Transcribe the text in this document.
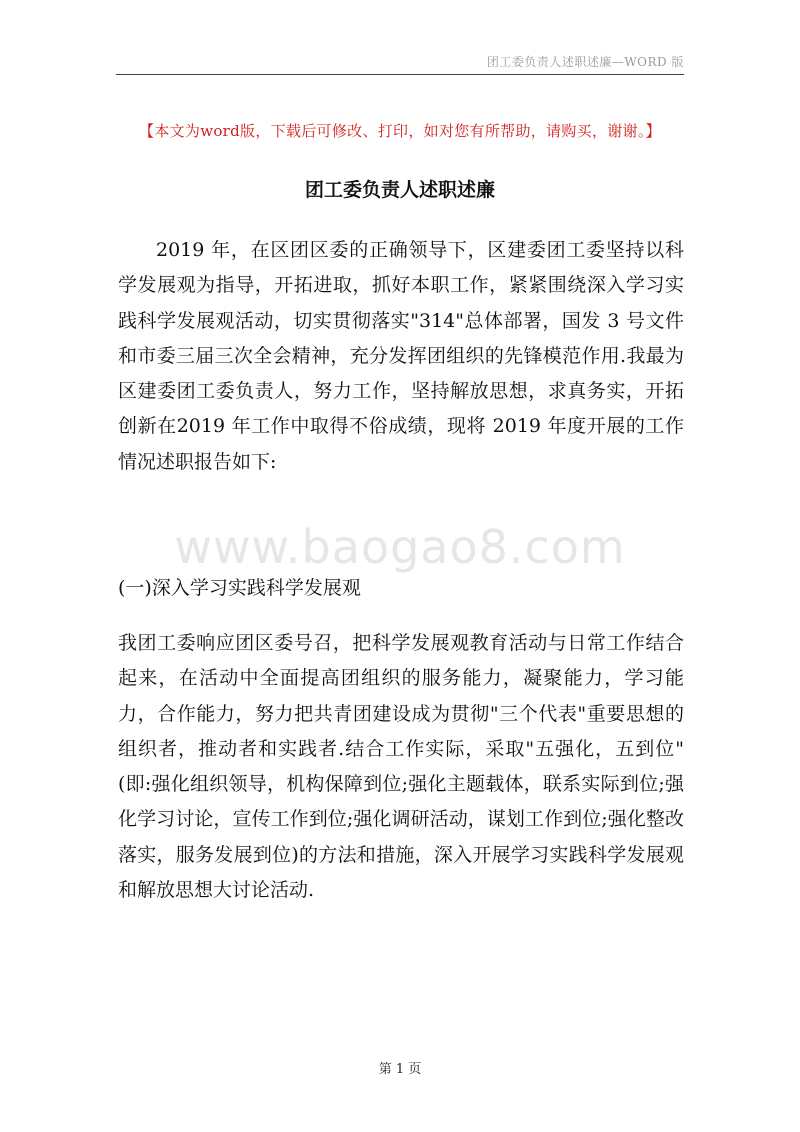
团工委负责人述职述廉—WORD 版
【本文为word版，下载后可修改、打印，如对您有所帮助，请购买，谢谢。】
团工委负责人述职述廉

2019 年，在区团区委的正确领导下，区建委团工委坚持以科学发展观为指导，开拓进取，抓好本职工作，紧紧围绕深入学习实践科学发展观活动，切实贯彻落实"314"总体部署，国发 3 号文件和市委三届三次全会精神，充分发挥团组织的先锋模范作用.我最为区建委团工委负责人，努力工作，坚持解放思想，求真务实，开拓创新在2019 年工作中取得不俗成绩，现将 2019 年度开展的工作情况述职报告如下:

www.baogao8.com
(一)深入学习实践科学发展观

我团工委响应团区委号召，把科学发展观教育活动与日常工作结合起来，在活动中全面提高团组织的服务能力，凝聚能力，学习能力，合作能力，努力把共青团建设成为贯彻"三个代表"重要思想的组织者，推动者和实践者.结合工作实际，采取"五强化，五到位"(即:强化组织领导，机构保障到位;强化主题载体，联系实际到位;强化学习讨论，宣传工作到位;强化调研活动，谋划工作到位;强化整改落实，服务发展到位)的方法和措施，深入开展学习实践科学发展观和解放思想大讨论活动.

第 1 页
